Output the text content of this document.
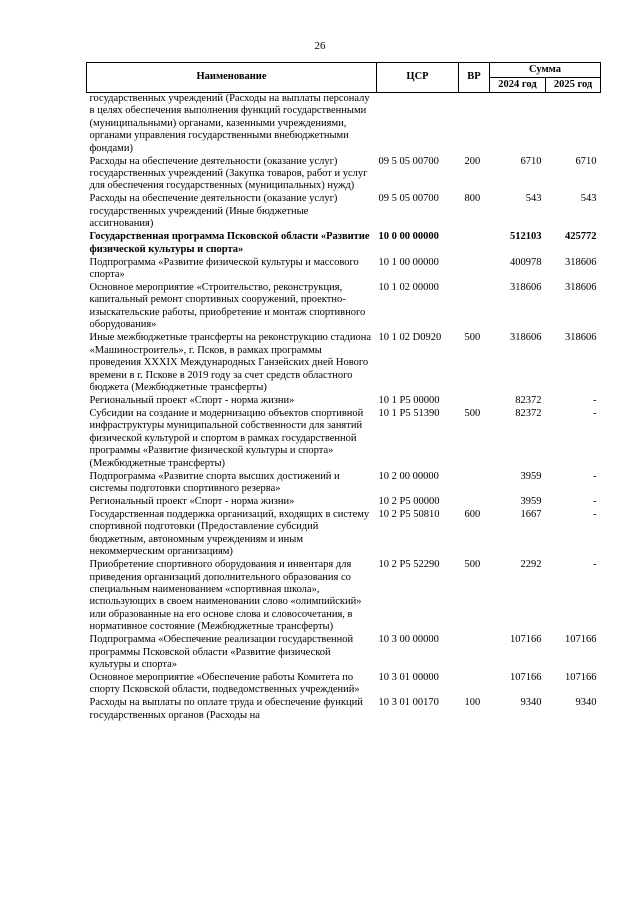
26
Наименование	ЦСР	ВР	Сумма	
			2024 год	2025 год
государственных учреждений (Расходы на выплаты персоналу в целях обеспечения выполнения функций государственными (муниципальными) органами, казенными учреждениями, органами управления государственными внебюджетными фондами)				
Расходы на обеспечение деятельности (оказание услуг) государственных учреждений (Закупка товаров, работ и услуг для обеспечения государственных (муниципальных) нужд)	09 5 05 00700	200	6710	6710
Расходы на обеспечение деятельности (оказание услуг) государственных учреждений (Иные бюджетные ассигнования)	09 5 05 00700	800	543	543
Государственная программа Псковской области «Развитие физической культуры и спорта»	10 0 00 00000		512103	425772
Подпрограмма «Развитие физической культуры и массового спорта»	10 1 00 00000		400978	318606
Основное мероприятие «Строительство, реконструкция, капитальный ремонт спортивных сооружений, проектно-изыскательские работы, приобретение и монтаж спортивного оборудования»	10 1 02 00000		318606	318606
Иные межбюджетные трансферты на реконструкцию стадиона «Машиностроитель», г. Псков, в рамках программы проведения XXXIX Международных Ганзейских дней Нового времени в г. Пскове в 2019 году за счет средств областного бюджета (Межбюджетные трансферты)	10 1 02 D0920	500	318606	318606
Региональный проект «Спорт - норма жизни»	10 1 P5 00000		82372	-
Субсидии на создание и модернизацию объектов спортивной инфраструктуры муниципальной собственности для занятий физической культурой и спортом в рамках государственной программы «Развитие физической культуры и спорта» (Межбюджетные трансферты)	10 1 P5 51390	500	82372	-
Подпрограмма «Развитие спорта высших достижений и системы подготовки спортивного резерва»	10 2 00 00000		3959	-
Региональный проект «Спорт - норма жизни»	10 2 P5 00000		3959	-
Государственная поддержка организаций, входящих в систему спортивной подготовки (Предоставление субсидий бюджетным, автономным учреждениям и иным некоммерческим организациям)	10 2 P5 50810	600	1667	-
Приобретение спортивного оборудования и инвентаря для приведения организаций дополнительного образования со специальным наименованием «спортивная школа», использующих в своем наименовании слово «олимпийский» или образованные на его основе слова и словосочетания, в нормативное состояние (Межбюджетные трансферты)	10 2 P5 52290	500	2292	-
Подпрограмма «Обеспечение реализации государственной программы Псковской области «Развитие физической культуры и спорта»	10 3 00 00000		107166	107166
Основное мероприятие «Обеспечение работы Комитета по спорту Псковской области, подведомственных учреждений»	10 3 01 00000		107166	107166
Расходы на выплаты по оплате труда и обеспечение функций государственных органов (Расходы на	10 3 01 00170	100	9340	9340
